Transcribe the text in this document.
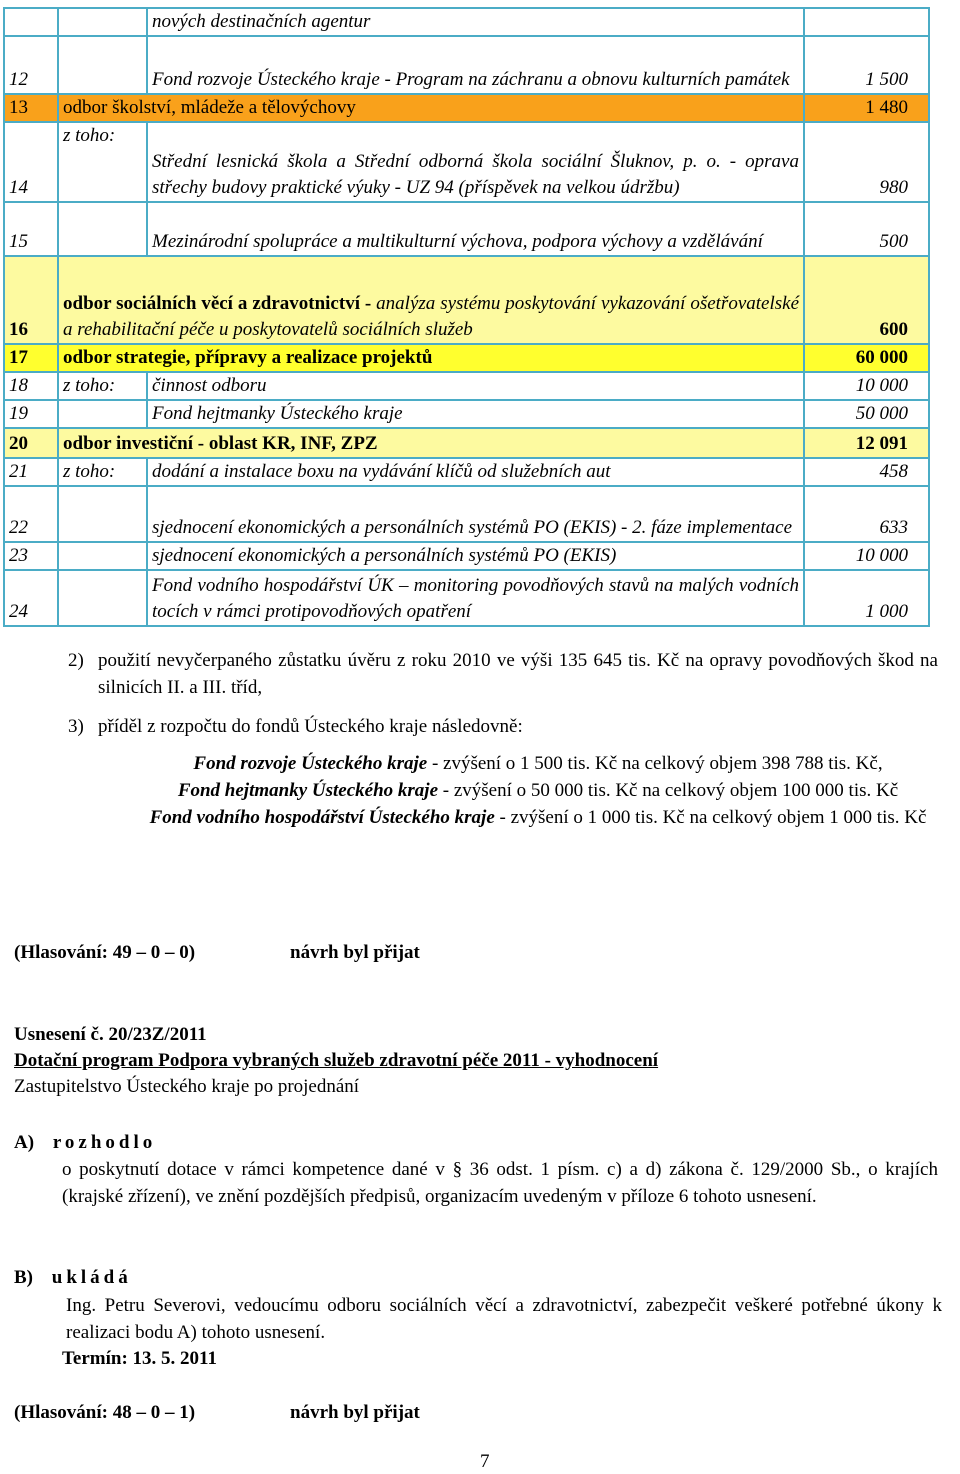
		nových destinačních agentur	
12		Fond rozvoje Ústeckého kraje - Program na záchranu a obnovu kulturních památek	1 500
13	odbor školství, mládeže a tělovýchovy		1 480
14	z toho:	Střední lesnická škola a Střední odborná škola sociální Šluknov, p. o. - oprava střechy budovy praktické výuky - UZ 94 (příspěvek na velkou údržbu)	980
15		Mezinárodní spolupráce a multikulturní výchova, podpora výchovy a vzdělávání	500
16	odbor sociálních věcí a zdravotnictví - analýza systému poskytování vykazování ošetřovatelské a rehabilitační péče u poskytovatelů sociálních služeb		600
17	odbor strategie, přípravy a realizace projektů		60 000
18	z toho:	činnost odboru	10 000
19		Fond hejtmanky Ústeckého kraje	50 000
20	odbor investiční - oblast KR, INF, ZPZ		12 091
21	z toho:	dodání a instalace boxu na vydávání klíčů od služebních aut	458
22		sjednocení ekonomických a personálních systémů PO (EKIS) - 2. fáze implementace	633
23		sjednocení ekonomických a personálních systémů PO (EKIS)	10 000
24		Fond vodního hospodářství ÚK – monitoring povodňových stavů na malých vodních tocích v rámci protipovodňových opatření	1 000
2) použití nevyčerpaného zůstatku úvěru z roku 2010 ve výši 135 645 tis. Kč na opravy povodňových škod na silnicích II. a III. tříd,
3) příděl z rozpočtu do fondů Ústeckého kraje následovně:
Fond rozvoje Ústeckého kraje - zvýšení o 1 500 tis. Kč na celkový objem 398 788 tis. Kč,
Fond hejtmanky Ústeckého kraje - zvýšení o 50 000 tis. Kč na celkový objem 100 000 tis. Kč
Fond vodního hospodářství Ústeckého kraje - zvýšení o 1 000 tis. Kč na celkový objem 1 000 tis. Kč
(Hlasování: 49 – 0 – 0)	návrh byl přijat
Usnesení č. 20/23Z/2011
Dotační program Podpora vybraných služeb zdravotní péče 2011 - vyhodnocení
Zastupitelstvo Ústeckého kraje po projednání
A) rozhodlo
o poskytnutí dotace v rámci kompetence dané v § 36 odst. 1 písm. c) a d) zákona č. 129/2000 Sb., o krajích (krajské zřízení), ve znění pozdějších předpisů, organizacím uvedeným v příloze 6 tohoto usnesení.
B) ukládá
Ing. Petru Severovi, vedoucímu odboru sociálních věcí a zdravotnictví, zabezpečit veškeré potřebné úkony k realizaci bodu A) tohoto usnesení.
Termín: 13. 5. 2011
(Hlasování: 48 – 0 – 1)	návrh byl přijat
7
